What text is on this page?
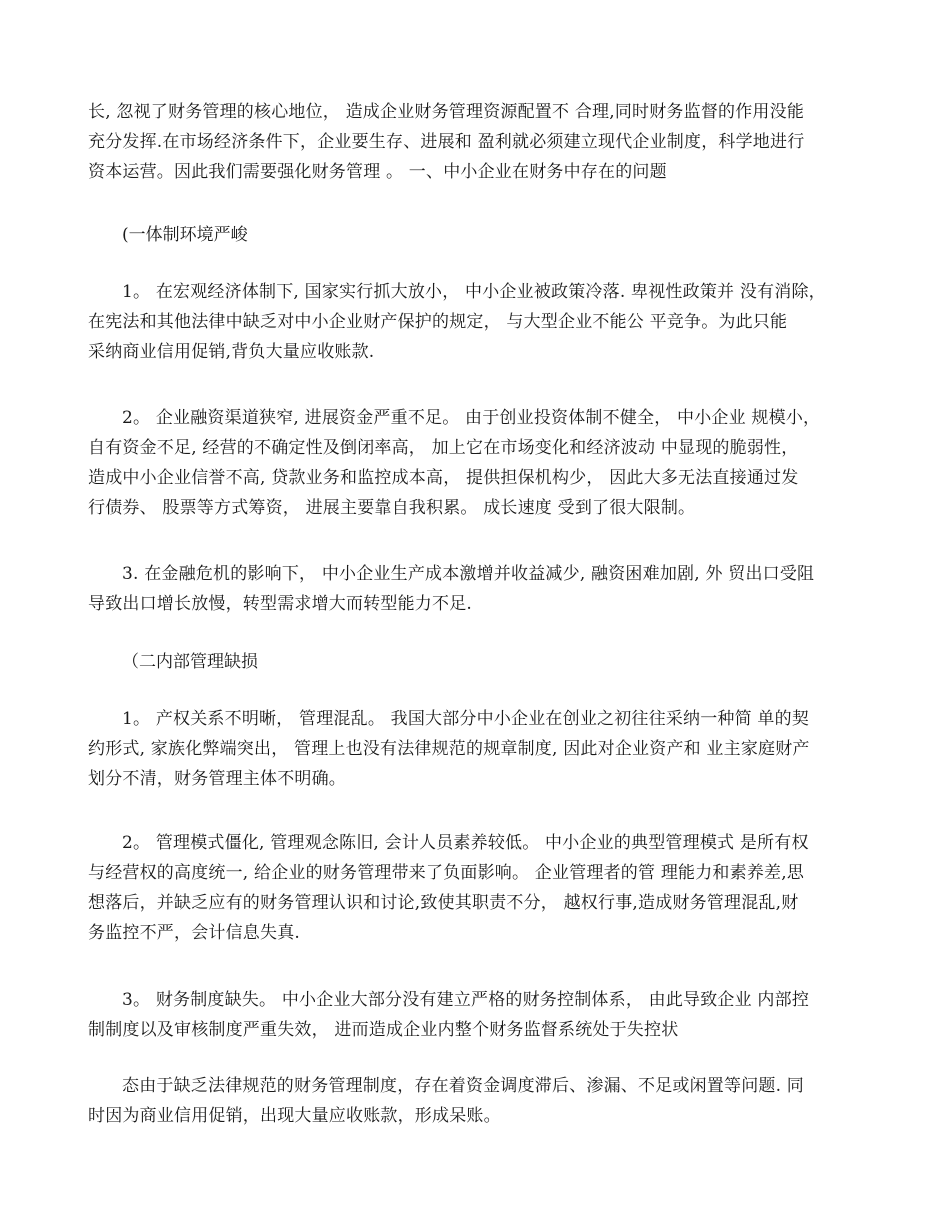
长, 忽视了财务管理的核心地位， 造成企业财务管理资源配置不 合理,同时财务监督的作用没能
充分发挥.在市场经济条件下，企业要生存、进展和 盈利就必须建立现代企业制度，科学地进行
资本运营。因此我们需要强化财务管理 。 一、中小企业在财务中存在的问题
(一体制环境严峻
1。 在宏观经济体制下, 国家实行抓大放小， 中小企业被政策冷落. 卑视性政策并 没有消除，
在宪法和其他法律中缺乏对中小企业财产保护的规定， 与大型企业不能公 平竞争。为此只能
采纳商业信用促销,背负大量应收账款.
2。 企业融资渠道狭窄, 进展资金严重不足。 由于创业投资体制不健全， 中小企业 规模小，
自有资金不足, 经营的不确定性及倒闭率高， 加上它在市场变化和经济波动 中显现的脆弱性，
造成中小企业信誉不高, 贷款业务和监控成本高， 提供担保机构少， 因此大多无法直接通过发
行债券、 股票等方式筹资， 进展主要靠自我积累。 成长速度 受到了很大限制。
3. 在金融危机的影响下， 中小企业生产成本激增并收益减少, 融资困难加剧, 外 贸出口受阻
导致出口增长放慢，转型需求增大而转型能力不足.
（二内部管理缺损
1。 产权关系不明晰， 管理混乱。 我国大部分中小企业在创业之初往往采纳一种简 单的契
约形式, 家族化弊端突出， 管理上也没有法律规范的规章制度, 因此对企业资产和 业主家庭财产
划分不清，财务管理主体不明确。
2。 管理模式僵化, 管理观念陈旧, 会计人员素养较低。 中小企业的典型管理模式 是所有权
与经营权的高度统一, 给企业的财务管理带来了负面影响。 企业管理者的管 理能力和素养差,思
想落后，并缺乏应有的财务管理认识和讨论,致使其职责不分， 越权行事,造成财务管理混乱,财
务监控不严，会计信息失真.
3。 财务制度缺失。 中小企业大部分没有建立严格的财务控制体系， 由此导致企业 内部控
制制度以及审核制度严重失效， 进而造成企业内整个财务监督系统处于失控状
态由于缺乏法律规范的财务管理制度，存在着资金调度滞后、渗漏、不足或闲置等问题. 同
时因为商业信用促销，出现大量应收账款，形成呆账。
